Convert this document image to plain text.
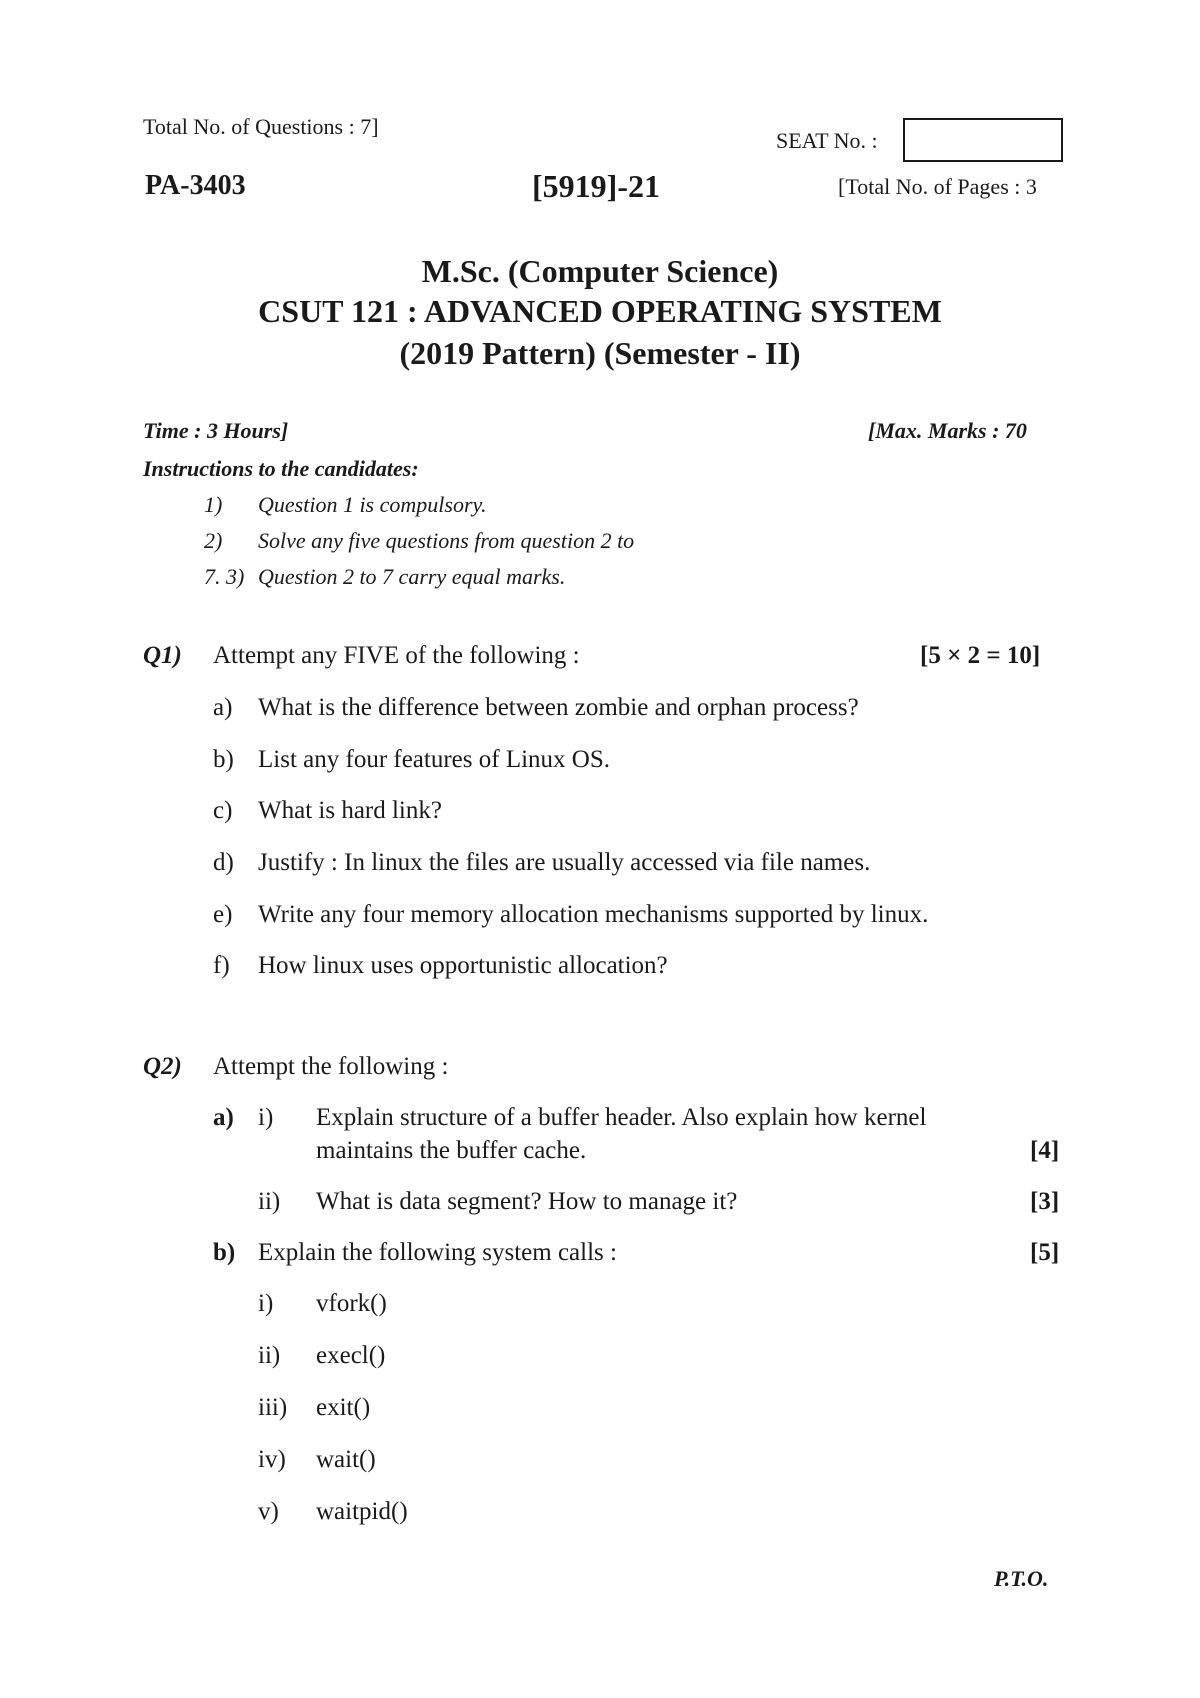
Total No. of Questions : 7]
SEAT No. :
PA-3403	[5919]-21	[Total No. of Pages : 3
M.Sc. (Computer Science)
CSUT 121 : ADVANCED OPERATING SYSTEM
(2019 Pattern) (Semester - II)
Time : 3 Hours]	[Max. Marks : 70
Instructions to the candidates:
1) Question 1 is compulsory.
2) Solve any five questions from question 2 to
7. 3) Question 2 to 7 carry equal marks.
Q1) Attempt any FIVE of the following :	[5 × 2 = 10]
a) What is the difference between zombie and orphan process?
b) List any four features of Linux OS.
c) What is hard link?
d) Justify : In linux the files are usually accessed via file names.
e) Write any four memory allocation mechanisms supported by linux.
f) How linux uses opportunistic allocation?
Q2) Attempt the following :
a) i) Explain structure of a buffer header. Also explain how kernel
maintains the buffer cache.	[4]
ii) What is data segment? How to manage it?	[3]
b) Explain the following system calls :	[5]
i) vfork()
ii) execl()
iii) exit()
iv) wait()
v) waitpid()
P.T.O.
